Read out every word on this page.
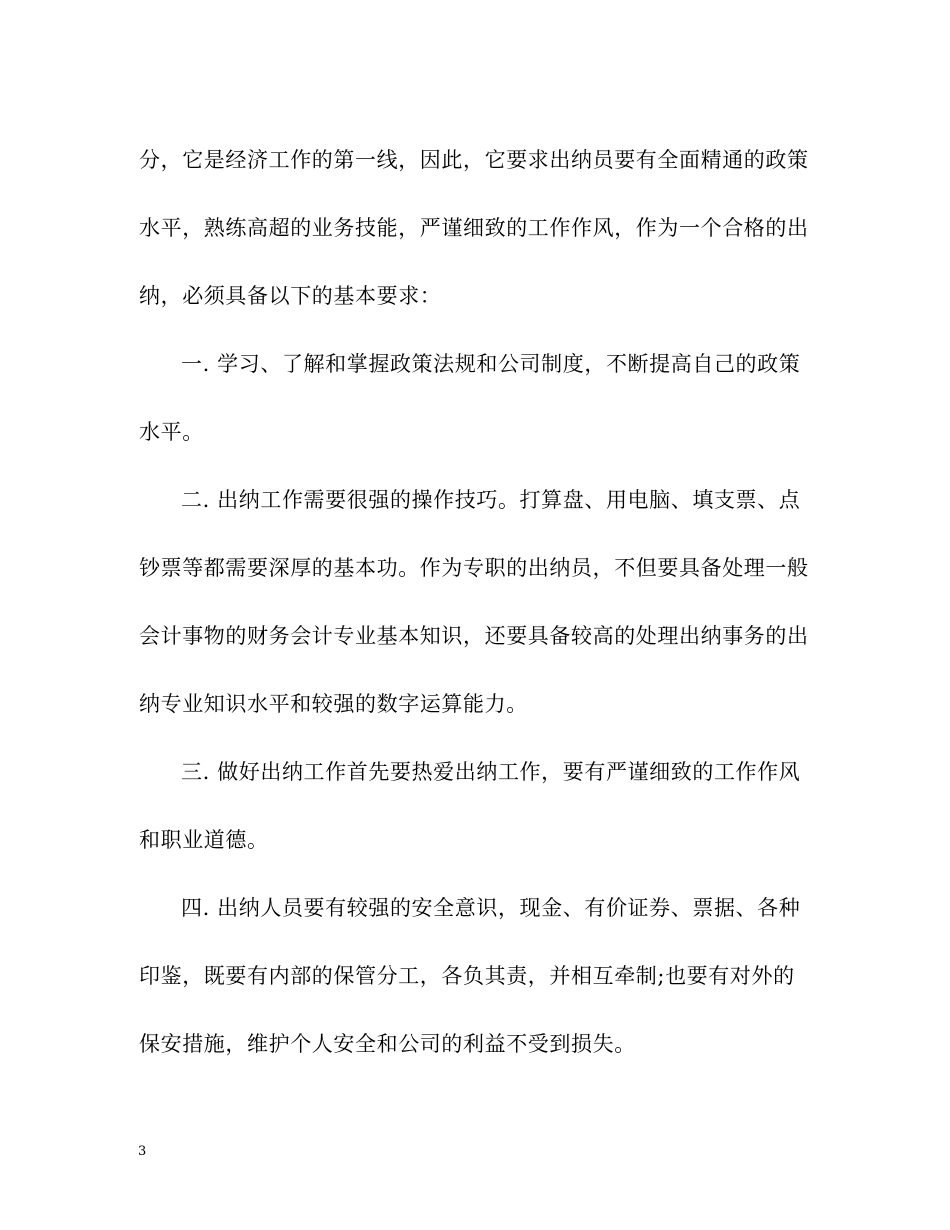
分，它是经济工作的第一线，因此，它要求出纳员要有全面精通的政策
水平，熟练高超的业务技能，严谨细致的工作作风，作为一个合格的出
纳，必须具备以下的基本要求：
一. 学习、了解和掌握政策法规和公司制度，不断提高自己的政策
水平。
二. 出纳工作需要很强的操作技巧。打算盘、用电脑、填支票、点
钞票等都需要深厚的基本功。作为专职的出纳员，不但要具备处理一般
会计事物的财务会计专业基本知识，还要具备较高的处理出纳事务的出
纳专业知识水平和较强的数字运算能力。
三. 做好出纳工作首先要热爱出纳工作，要有严谨细致的工作作风
和职业道德。
四. 出纳人员要有较强的安全意识，现金、有价证券、票据、各种
印鉴，既要有内部的保管分工，各负其责，并相互牵制;也要有对外的
保安措施，维护个人安全和公司的利益不受到损失。
3
